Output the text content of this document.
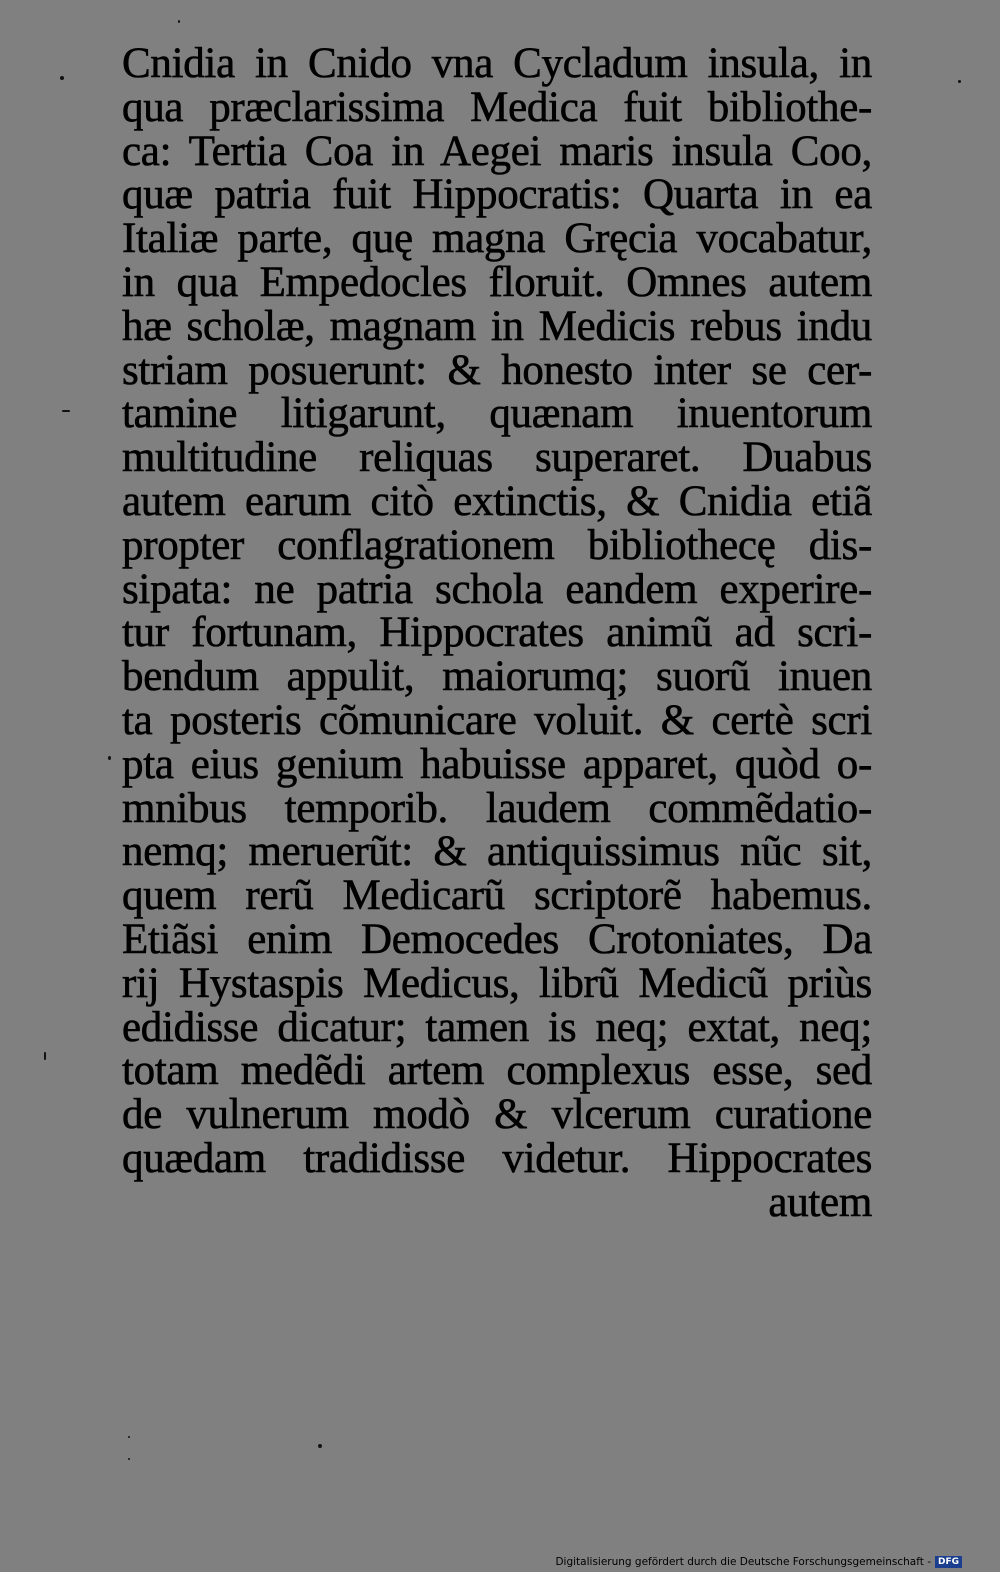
Cnidia in Cnido vna Cycladum insula, in
qua præclarissima Medica fuit bibliothe-
ca: Tertia Coa in Aegei maris insula Coo,
quæ patria fuit Hippocratis: Quarta in ea
Italiæ parte, quę magna Gręcia vocabatur,
in qua Empedocles floruit. Omnes autem
hæ scholæ, magnam in Medicis rebus indu
striam posuerunt: & honesto inter se cer-
tamine litigarunt, quænam inuentorum
multitudine reliquas superaret. Duabus
autem earum citò extinctis, & Cnidia etiã
propter conflagrationem bibliothecę dis-
sipata: ne patria schola eandem experire-
tur fortunam, Hippocrates animũ ad scri-
bendum appulit, maiorumq; suorũ inuen
ta posteris cõmunicare voluit. & certè scri
pta eius genium habuisse apparet, quòd o-
mnibus temporib. laudem commẽdatio-
nemq; meruerũt: & antiquissimus nũc sit,
quem rerũ Medicarũ scriptorẽ habemus.
Etiãsi enim Democedes Crotoniates, Da
rij Hystaspis Medicus, librũ Medicũ priùs
edidisse dicatur; tamen is neq; extat, neq;
totam medẽdi artem complexus esse, sed
de vulnerum modò & vlcerum curatione
quædam tradidisse videtur. Hippocrates
autem
Digitalisierung gefördert durch die Deutsche Forschungsgemeinschaft - DFG
